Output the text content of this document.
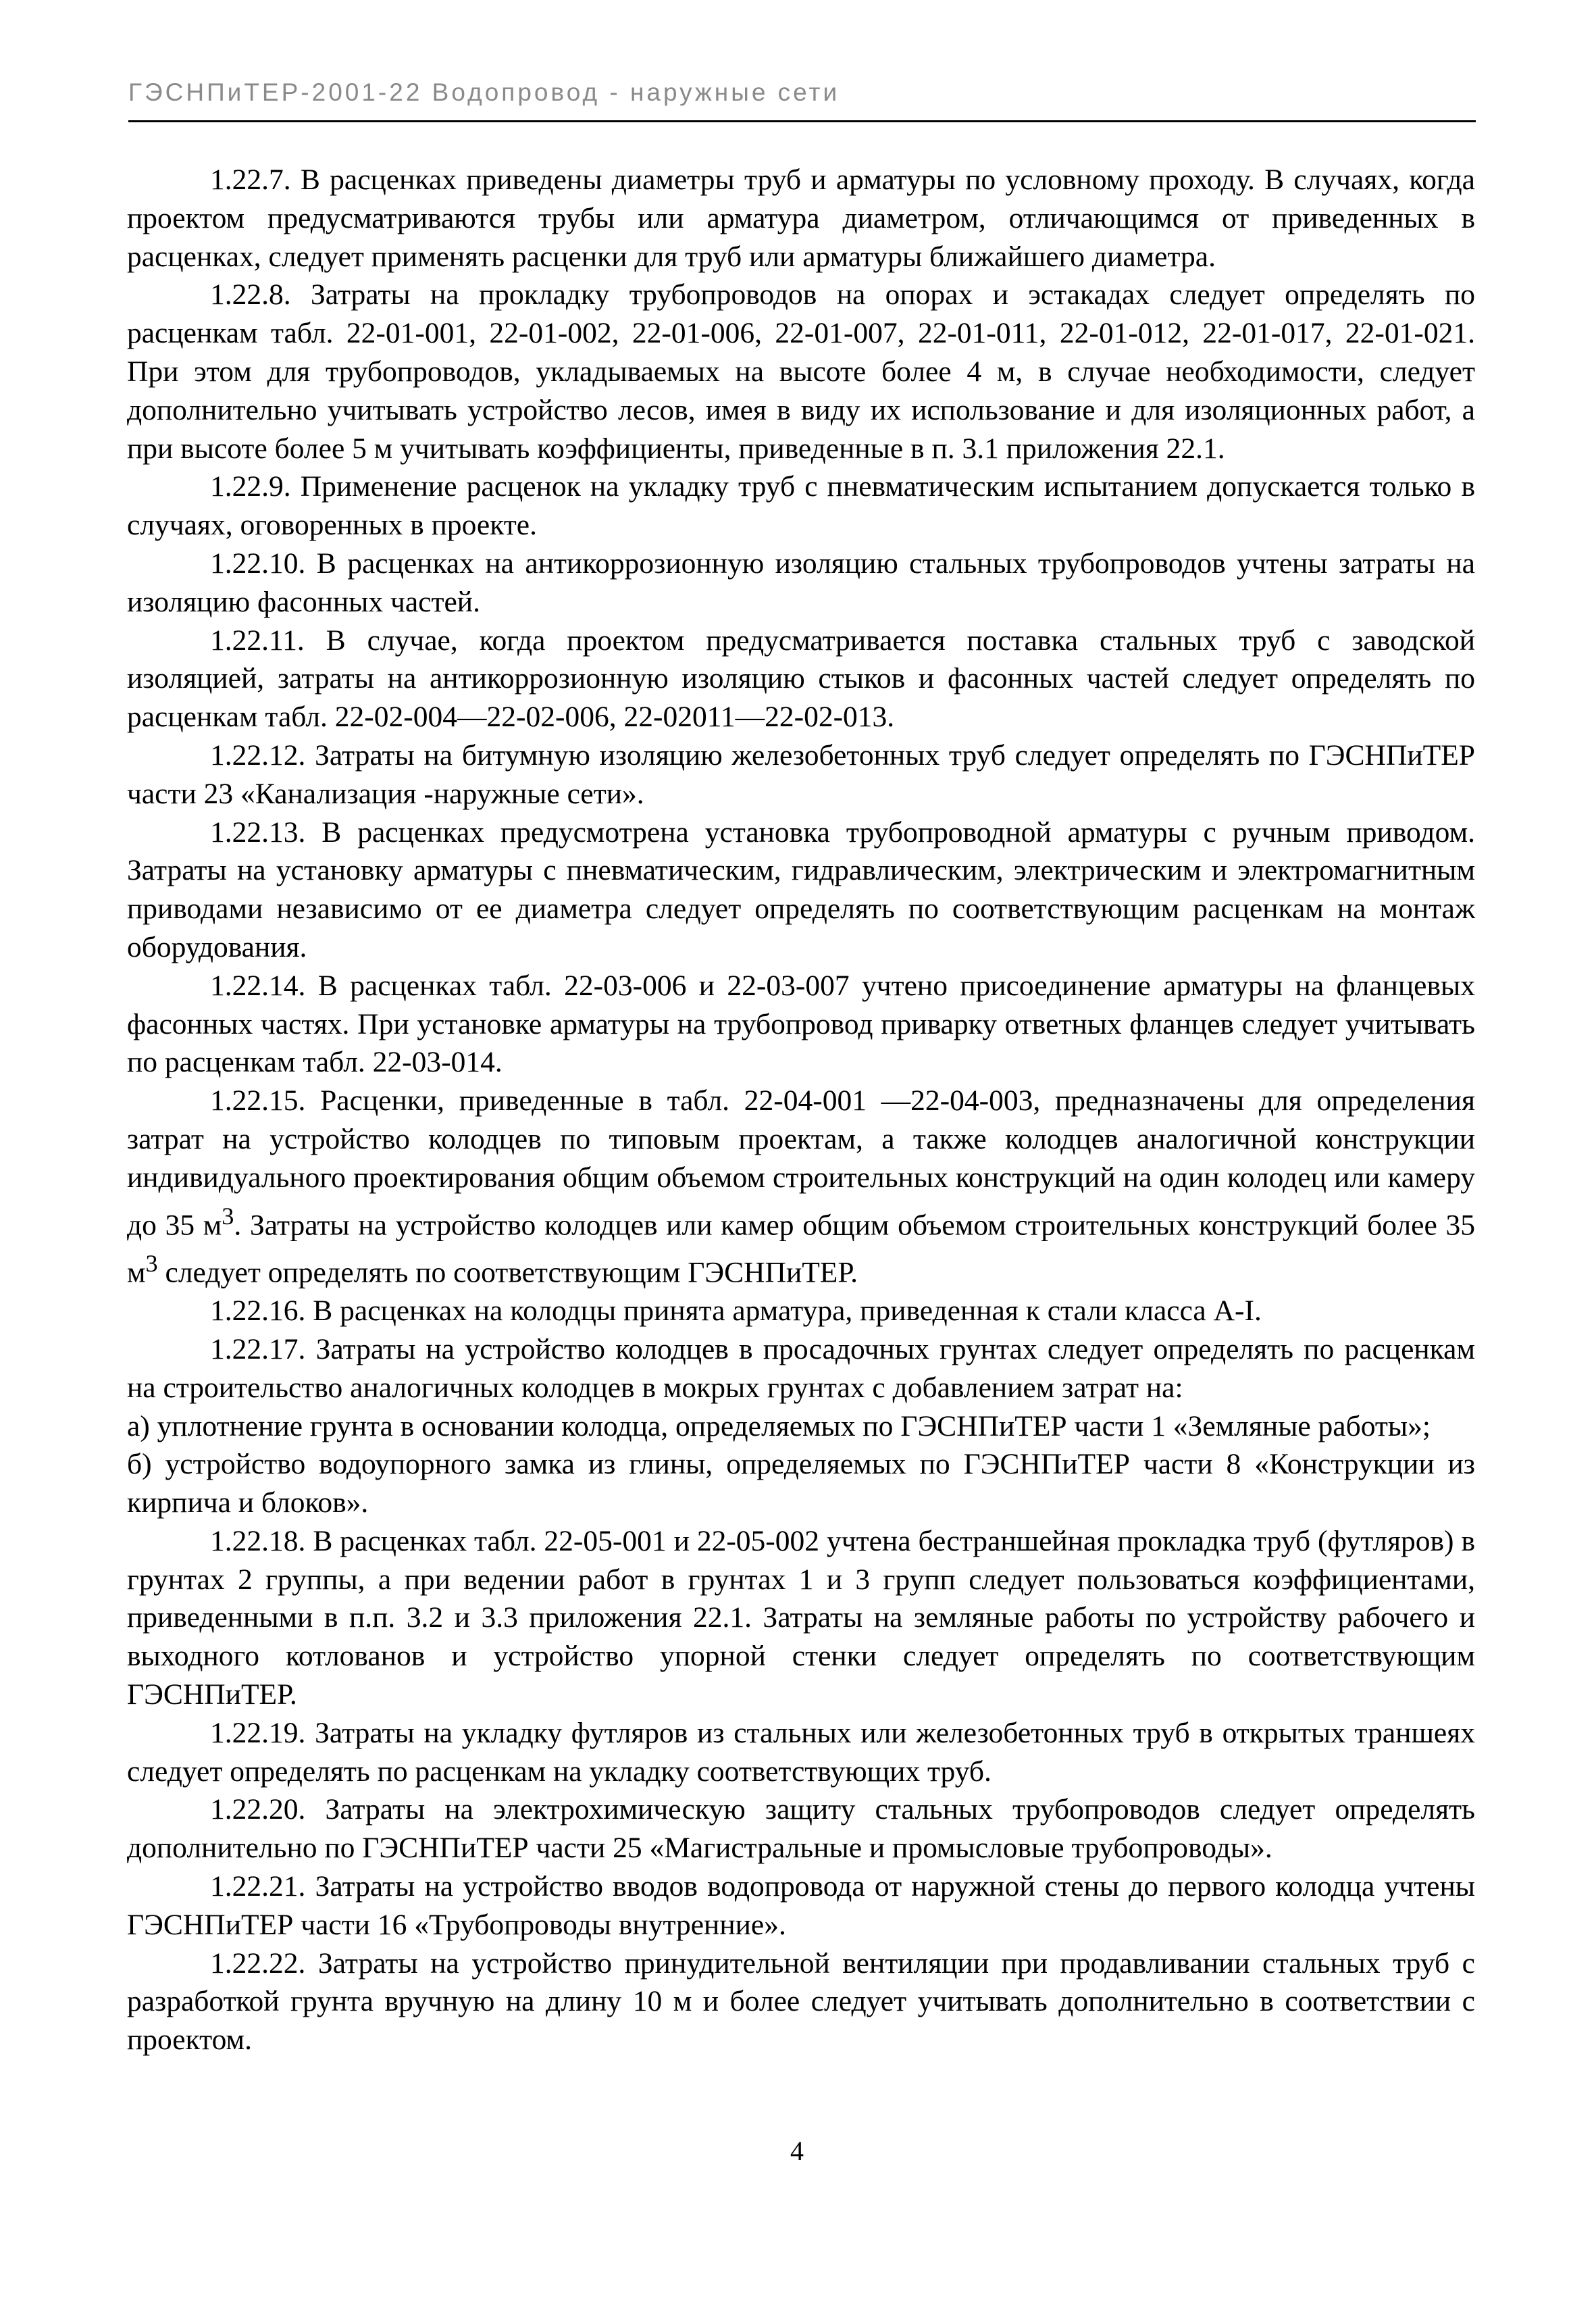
ГЭСНПиТЕР-2001-22 Водопровод - наружные сети

1.22.7. В расценках приведены диаметры труб и арматуры по условному проходу. В случаях, когда проектом предусматриваются трубы или арматура диаметром, отличающимся от приведенных в расценках, следует применять расценки для труб или арматуры ближайшего диаметра.

1.22.8. Затраты на прокладку трубопроводов на опорах и эстакадах следует определять по расценкам табл. 22-01-001, 22-01-002, 22-01-006, 22-01-007, 22-01-011, 22-01-012, 22-01-017, 22-01-021. При этом для трубопроводов, укладываемых на высоте более 4 м, в случае необходимости, следует дополнительно учитывать устройство лесов, имея в виду их использование и для изоляционных работ, а при высоте более 5 м учитывать коэффициенты, приведенные в п. 3.1 приложения 22.1.

1.22.9. Применение расценок на укладку труб с пневматическим испытанием допускается только в случаях, оговоренных в проекте.

1.22.10. В расценках на антикоррозионную изоляцию стальных трубопроводов учтены затраты на изоляцию фасонных частей.

1.22.11. В случае, когда проектом предусматривается поставка стальных труб с заводской изоляцией, затраты на антикоррозионную изоляцию стыков и фасонных частей следует определять по расценкам табл. 22-02-004—22-02-006, 22-02011—22-02-013.

1.22.12. Затраты на битумную изоляцию железобетонных труб следует определять по ГЭСНПиТЕР части 23 «Канализация -наружные сети».

1.22.13. В расценках предусмотрена установка трубопроводной арматуры с ручным приводом. Затраты на установку арматуры с пневматическим, гидравлическим, электрическим и электромагнитным приводами независимо от ее диаметра следует определять по соответствующим расценкам на монтаж оборудования.

1.22.14. В расценках табл. 22-03-006 и 22-03-007 учтено присоединение арматуры на фланцевых фасонных частях. При установке арматуры на трубопровод приварку ответных фланцев следует учитывать по расценкам табл. 22-03-014.

1.22.15. Расценки, приведенные в табл. 22-04-001 —22-04-003, предназначены для определения затрат на устройство колодцев по типовым проектам, а также колодцев аналогичной конструкции индивидуального проектирования общим объемом строительных конструкций на один колодец или камеру до 35 $м^3$. Затраты на устройство колодцев или камер общим объемом строительных конструкций более 35 $м^3$ следует определять по соответствующим ГЭСНПиТЕР.

1.22.16. В расценках на колодцы принята арматура, приведенная к стали класса А-I.

1.22.17. Затраты на устройство колодцев в просадочных грунтах следует определять по расценкам на строительство аналогичных колодцев в мокрых грунтах с добавлением затрат на:

а) уплотнение грунта в основании колодца, определяемых по ГЭСНПиТЕР части 1 «Земляные работы»;

б) устройство водоупорного замка из глины, определяемых по ГЭСНПиТЕР части 8 «Конструкции из кирпича и блоков».

1.22.18. В расценках табл. 22-05-001 и 22-05-002 учтена бестраншейная прокладка труб (футляров) в грунтах 2 группы, а при ведении работ в грунтах 1 и 3 групп следует пользоваться коэффициентами, приведенными в п.п. 3.2 и 3.3 приложения 22.1. Затраты на земляные работы по устройству рабочего и выходного котлованов и устройство упорной стенки следует определять по соответствующим ГЭСНПиТЕР.

1.22.19. Затраты на укладку футляров из стальных или железобетонных труб в открытых траншеях следует определять по расценкам на укладку соответствующих труб.

1.22.20. Затраты на электрохимическую защиту стальных трубопроводов следует определять дополнительно по ГЭСНПиТЕР части 25 «Магистральные и промысловые трубопроводы».

1.22.21. Затраты на устройство вводов водопровода от наружной стены до первого колодца учтены ГЭСНПиТЕР части 16 «Трубопроводы внутренние».

1.22.22. Затраты на устройство принудительной вентиляции при продавливании стальных труб с разработкой грунта вручную на длину 10 м и более следует учитывать дополнительно в соответствии с проектом.

4
